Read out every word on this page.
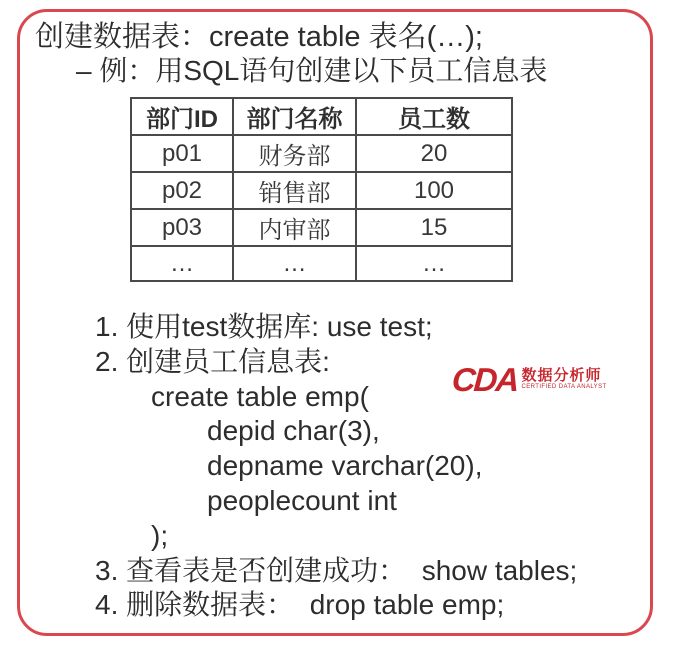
创建数据表：create table 表名(…);
– 例：用SQL语句创建以下员工信息表
部门ID	部门名称	员工数
p01	财务部	20
p02	销售部	100
p03	内审部	15
…	…	…
1. 使用test数据库: use test;
2. 创建员工信息表:
create table emp(
depid char(3),
depname varchar(20),
peoplecount int
);
3. 查看表是否创建成功：  show tables;
4. 删除数据表：  drop table emp;
CDA 数据分析师
CERTIFIED DATA ANALYST
